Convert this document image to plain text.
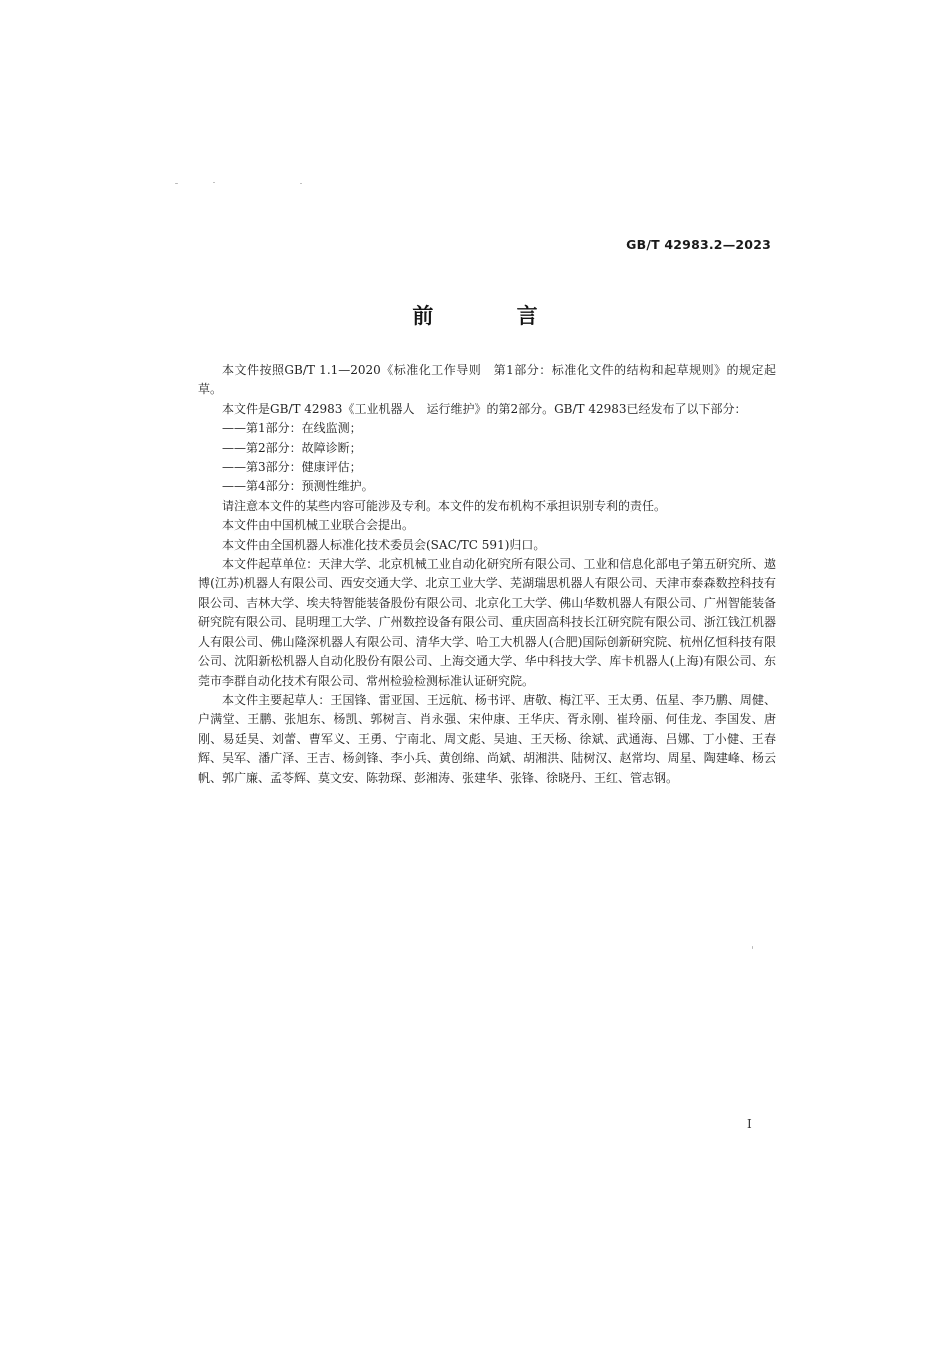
GB/T 42983.2—2023
前 言

本文件按照GB/T 1.1—2020《标准化工作导则　第1部分：标准化文件的结构和起草规则》的规定起草。

本文件是GB/T 42983《工业机器人　运行维护》的第2部分。GB/T 42983已经发布了以下部分：

——第1部分：在线监测；

——第2部分：故障诊断；

——第3部分：健康评估；

——第4部分：预测性维护。

请注意本文件的某些内容可能涉及专利。本文件的发布机构不承担识别专利的责任。

本文件由中国机械工业联合会提出。

本文件由全国机器人标准化技术委员会(SAC/TC 591)归口。

本文件起草单位：天津大学、北京机械工业自动化研究所有限公司、工业和信息化部电子第五研究所、遨博(江苏)机器人有限公司、西安交通大学、北京工业大学、芜湖瑞思机器人有限公司、天津市泰森数控科技有限公司、吉林大学、埃夫特智能装备股份有限公司、北京化工大学、佛山华数机器人有限公司、广州智能装备研究院有限公司、昆明理工大学、广州数控设备有限公司、重庆固高科技长江研究院有限公司、浙江钱江机器人有限公司、佛山隆深机器人有限公司、清华大学、哈工大机器人(合肥)国际创新研究院、杭州亿恒科技有限公司、沈阳新松机器人自动化股份有限公司、上海交通大学、华中科技大学、库卡机器人(上海)有限公司、东莞市李群自动化技术有限公司、常州检验检测标准认证研究院。

本文件主要起草人：王国锋、雷亚国、王远航、杨书评、唐敬、梅江平、王太勇、伍星、李乃鹏、周健、户满堂、王鹏、张旭东、杨凯、郭树言、肖永强、宋仲康、王华庆、胥永刚、崔玲丽、何佳龙、李国发、唐刚、易廷昊、刘蕾、曹军义、王勇、宁南北、周文彪、吴迪、王天杨、徐斌、武通海、吕娜、丁小健、王春辉、吴军、潘广泽、王吉、杨剑锋、李小兵、黄创绵、尚斌、胡湘洪、陆树汉、赵常均、周星、陶建峰、杨云帆、郭广廉、孟苓辉、莫文安、陈勃琛、彭湘涛、张建华、张锋、徐晓丹、王红、管志钢。

I
